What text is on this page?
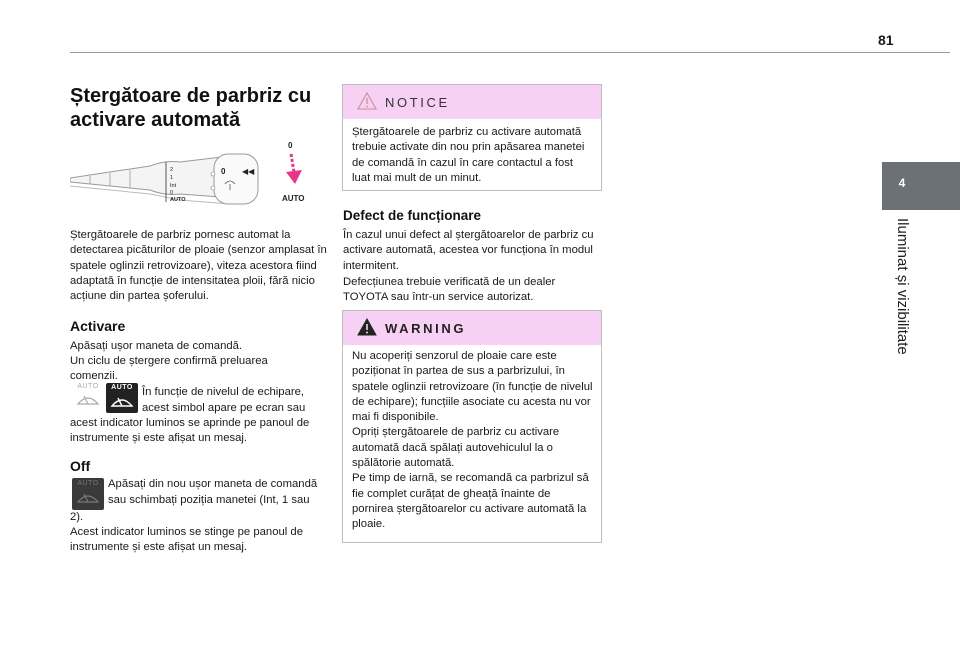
81
4
Iluminat și vizibilitate
Ștergătoare de parbriz cu activare automată
2
1
Int
0
AUTO
0 ◀◀
0
AUTO
Ștergătoarele de parbriz pornesc automat la detectarea picăturilor de ploaie (senzor amplasat în spatele oglinzii retrovizoare), viteza acestora fiind adaptată în funcție de intensitatea ploii, fără nicio acțiune din partea șoferului.
Activare
Apăsați ușor maneta de comandă.
Un ciclu de ștergere confirmă preluarea comenzii.
AUTO	AUTO În funcție de nivelul de echipare,
acest simbol apare pe ecran sau
acest indicator luminos se aprinde pe panoul de instrumente și este afișat un mesaj.
Off
AUTO Apăsați din nou ușor maneta de comandă
sau schimbați poziția manetei (Int, 1 sau
2).
Acest indicator luminos se stinge pe panoul de instrumente și este afișat un mesaj.
NOTICE
Ștergătoarele de parbriz cu activare automată trebuie activate din nou prin apăsarea manetei de comandă în cazul în care contactul a fost luat mai mult de un minut.
Defect de funcționare
În cazul unui defect al ștergătoarelor de parbriz cu activare automată, acestea vor funcționa în modul intermitent.
Defecțiunea trebuie verificată de un dealer TOYOTA sau într-un service autorizat.
WARNING
Nu acoperiți senzorul de ploaie care este poziționat în partea de sus a parbrizului, în spatele oglinzii retrovizoare (în funcție de nivelul de echipare); funcțiile asociate cu acesta nu vor mai fi disponibile.
Opriți ștergătoarele de parbriz cu activare automată dacă spălați autovehiculul la o spălătorie automată.
Pe timp de iarnă, se recomandă ca parbrizul să fie complet curățat de gheață înainte de pornirea ștergătoarelor cu activare automată la ploaie.
